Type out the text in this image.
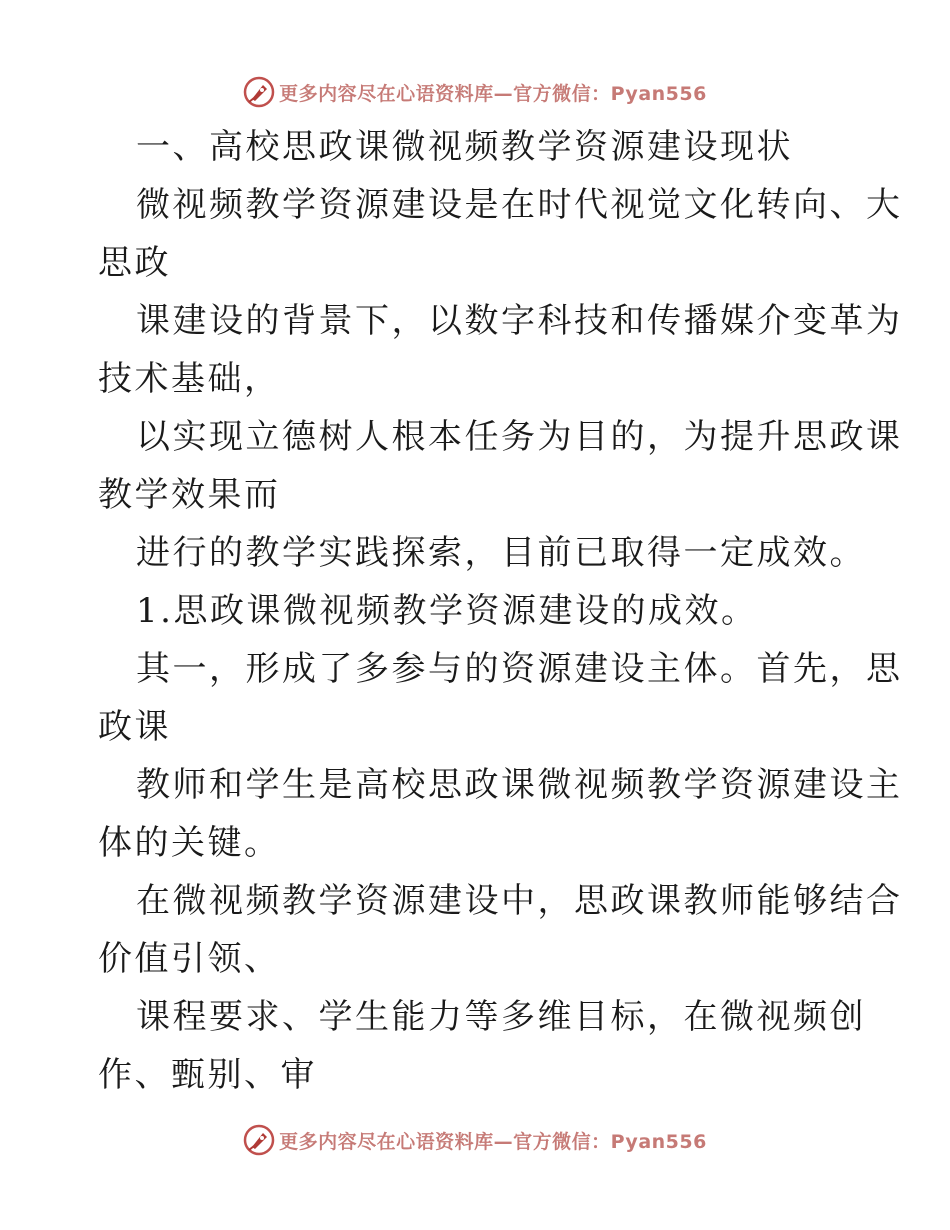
更多内容尽在心语资料库—官方微信：Pyan556
一、高校思政课微视频教学资源建设现状
微视频教学资源建设是在时代视觉文化转向、大
思政
课建设的背景下，以数字科技和传播媒介变革为
技术基础，
以实现立德树人根本任务为目的，为提升思政课
教学效果而
进行的教学实践探索，目前已取得一定成效。
1.思政课微视频教学资源建设的成效。
其一，形成了多参与的资源建设主体。首先，思
政课
教师和学生是高校思政课微视频教学资源建设主
体的关键。
在微视频教学资源建设中，思政课教师能够结合
价值引领、
课程要求、学生能力等多维目标，在微视频创
作、甄别、审
更多内容尽在心语资料库—官方微信：Pyan556
